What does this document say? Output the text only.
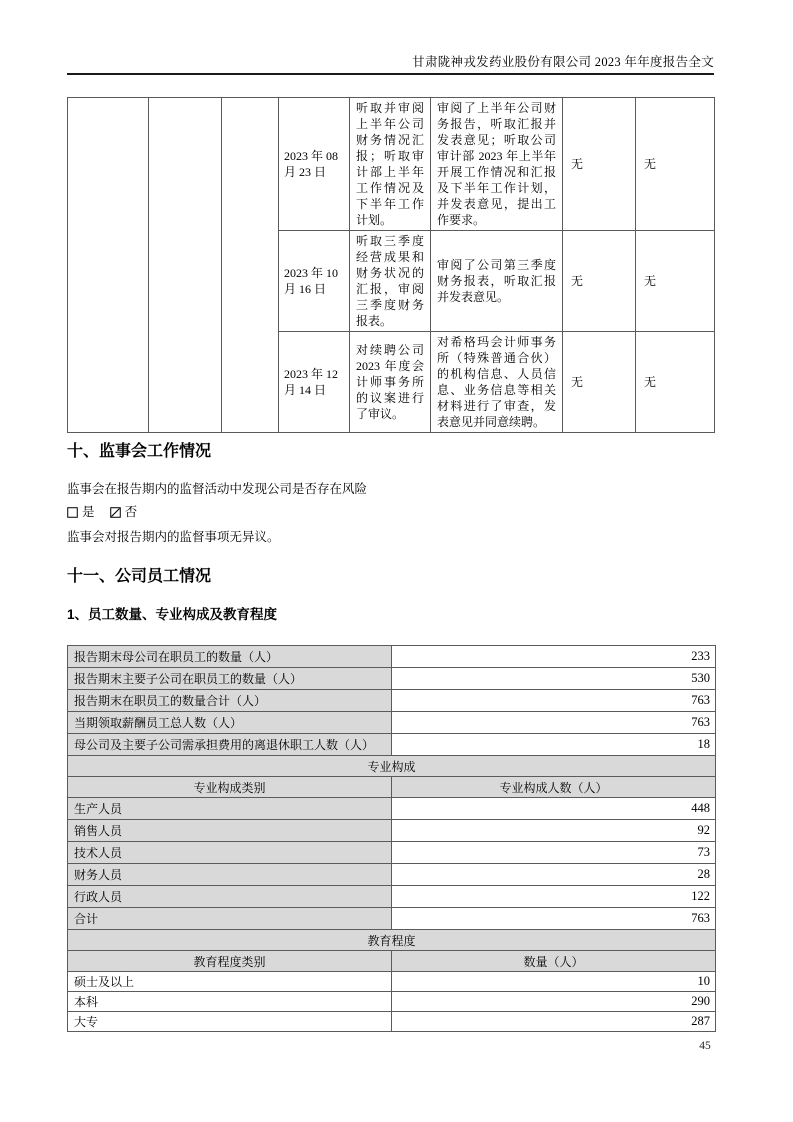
甘肃陇神戎发药业股份有限公司 2023 年年度报告全文
			2023 年 08 月 23 日	听取并审阅上半年公司财务情况汇报；听取审计部上半年工作情况及下半年工作计划。	审阅了上半年公司财务报告，听取汇报并发表意见；听取公司审计部 2023 年上半年开展工作情况和汇报及下半年工作计划，并发表意见，提出工作要求。	无	无
			2023 年 10 月 16 日	听取三季度经营成果和财务状况的汇报，审阅三季度财务报表。	审阅了公司第三季度财务报表，听取汇报并发表意见。	无	无
			2023 年 12 月 14 日	对续聘公司 2023 年度会计师事务所的议案进行了审议。	对希格玛会计师事务所（特殊普通合伙）的机构信息、人员信息、业务信息等相关材料进行了审查，发表意见并同意续聘。	无	无
十、监事会工作情况
监事会在报告期内的监督活动中发现公司是否存在风险
是
否
监事会对报告期内的监督事项无异议。
十一、公司员工情况
1、员工数量、专业构成及教育程度
报告期末母公司在职员工的数量（人）	233
报告期末主要子公司在职员工的数量（人）	530
报告期末在职员工的数量合计（人）	763
当期领取薪酬员工总人数（人）	763
母公司及主要子公司需承担费用的离退休职工人数（人）	18
专业构成	
专业构成类别	专业构成人数（人）
生产人员	448
销售人员	92
技术人员	73
财务人员	28
行政人员	122
合计	763
教育程度	
教育程度类别	数量（人）
硕士及以上	10
本科	290
大专	287
45
